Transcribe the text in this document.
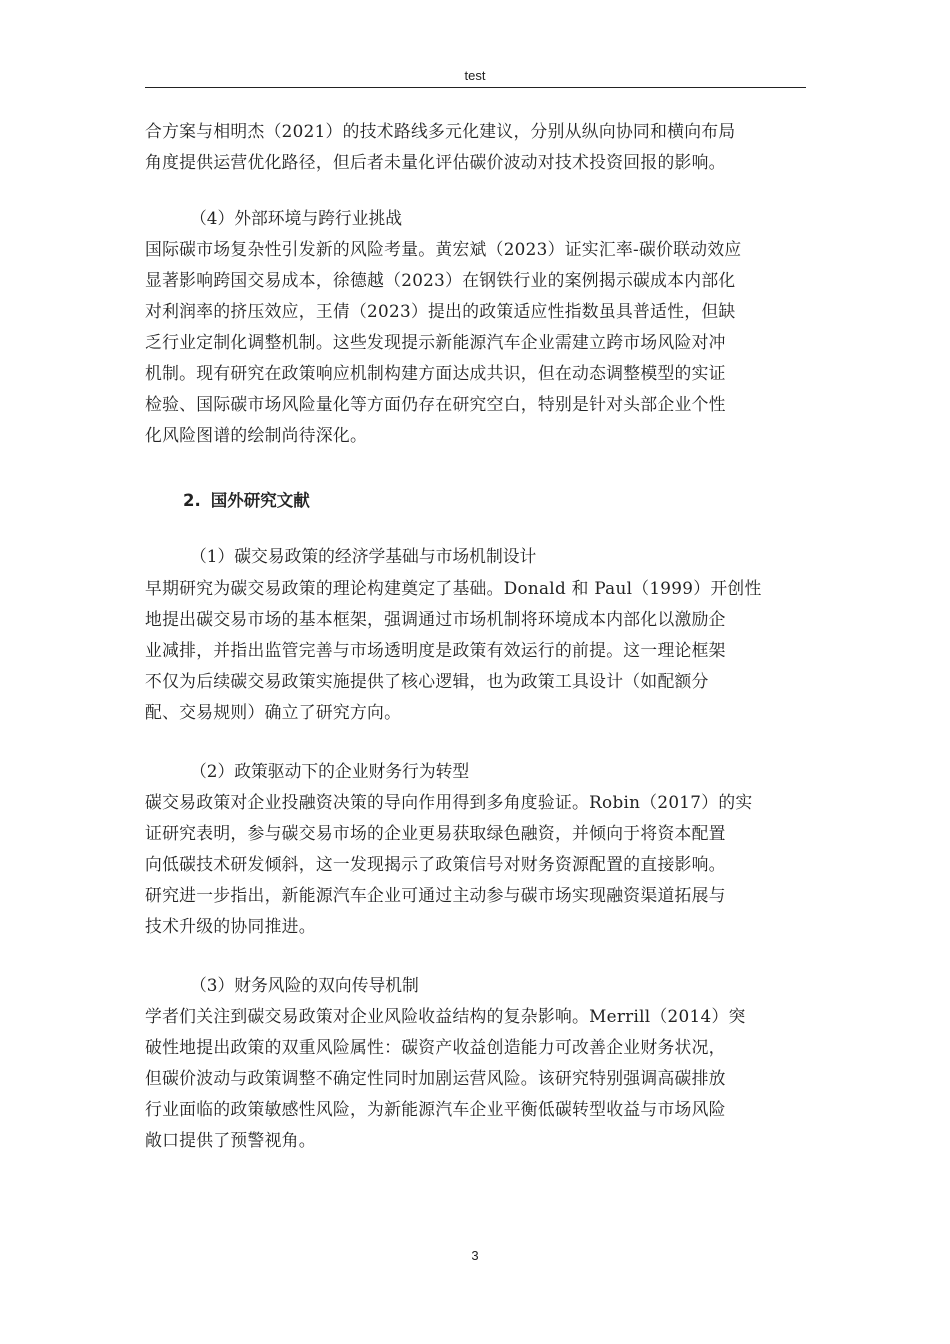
test
合方案与相明杰（2021）的技术路线多元化建议，分别从纵向协同和横向布局
角度提供运营优化路径，但后者未量化评估碳价波动对技术投资回报的影响。
（4）外部环境与跨行业挑战
国际碳市场复杂性引发新的风险考量。黄宏斌（2023）证实汇率-碳价联动效应
显著影响跨国交易成本，徐德越（2023）在钢铁行业的案例揭示碳成本内部化
对利润率的挤压效应，王倩（2023）提出的政策适应性指数虽具普适性，但缺
乏行业定制化调整机制。这些发现提示新能源汽车企业需建立跨市场风险对冲
机制。现有研究在政策响应机制构建方面达成共识，但在动态调整模型的实证
检验、国际碳市场风险量化等方面仍存在研究空白，特别是针对头部企业个性
化风险图谱的绘制尚待深化。
2. 国外研究文献
（1）碳交易政策的经济学基础与市场机制设计
早期研究为碳交易政策的理论构建奠定了基础。Donald 和 Paul（1999）开创性
地提出碳交易市场的基本框架，强调通过市场机制将环境成本内部化以激励企
业减排，并指出监管完善与市场透明度是政策有效运行的前提。这一理论框架
不仅为后续碳交易政策实施提供了核心逻辑，也为政策工具设计（如配额分
配、交易规则）确立了研究方向。
（2）政策驱动下的企业财务行为转型
碳交易政策对企业投融资决策的导向作用得到多角度验证。Robin（2017）的实
证研究表明，参与碳交易市场的企业更易获取绿色融资，并倾向于将资本配置
向低碳技术研发倾斜，这一发现揭示了政策信号对财务资源配置的直接影响。
研究进一步指出，新能源汽车企业可通过主动参与碳市场实现融资渠道拓展与
技术升级的协同推进。
（3）财务风险的双向传导机制
学者们关注到碳交易政策对企业风险收益结构的复杂影响。Merrill（2014）突
破性地提出政策的双重风险属性：碳资产收益创造能力可改善企业财务状况，
但碳价波动与政策调整不确定性同时加剧运营风险。该研究特别强调高碳排放
行业面临的政策敏感性风险，为新能源汽车企业平衡低碳转型收益与市场风险
敞口提供了预警视角。
3
